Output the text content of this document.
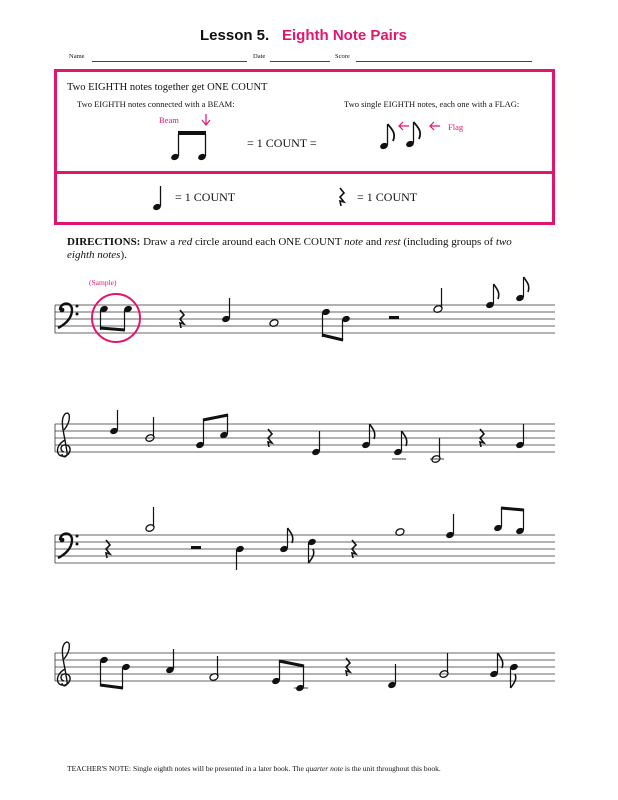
Lesson 5. Eighth Note Pairs
Name	Date	Score
Two EIGHTH notes together get ONE COUNT
Two EIGHTH notes connected with a BEAM:	Two single EIGHTH notes, each one with a FLAG:
Beam
Flag
= 1 COUNT =
= 1 COUNT	= 1 COUNT
DIRECTIONS: Draw a red circle around each ONE COUNT note and rest (including groups of two
eighth notes).
(Sample)
TEACHER'S NOTE: Single eighth notes will be presented in a later book. The quarter note is the unit throughout this book.
